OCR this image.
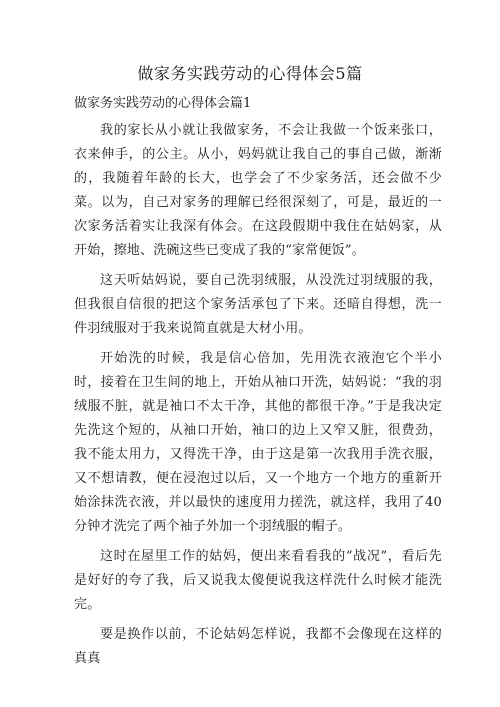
做家务实践劳动的心得体会5篇
做家务实践劳动的心得体会篇1

我的家长从小就让我做家务，不会让我做一个饭来张口，衣来伸手，的公主。从小，妈妈就让我自己的事自己做，渐渐的，我随着年龄的长大，也学会了不少家务活，还会做不少菜。以为，自己对家务的理解已经很深刻了，可是，最近的一次家务活着实让我深有体会。在这段假期中我住在姑妈家，从开始，擦地、洗碗这些已变成了我的“家常便饭”。

这天听姑妈说，要自己洗羽绒服，从没洗过羽绒服的我，但我很自信很的把这个家务活承包了下来。还暗自得想，洗一件羽绒服对于我来说简直就是大材小用。

开始洗的时候，我是信心倍加，先用洗衣液泡它个半小时，接着在卫生间的地上，开始从袖口开洗，姑妈说：“我的羽绒服不脏，就是袖口不太干净，其他的都很干净。”于是我决定先洗这个短的，从袖口开始，袖口的边上又窄又脏，很费劲，我不能太用力，又得洗干净，由于这是第一次我用手洗衣服，又不想请教，便在浸泡过以后，又一个地方一个地方的重新开始涂抹洗衣液，并以最快的速度用力搓洗，就这样，我用了40分钟才洗完了两个袖子外加一个羽绒服的帽子。

这时在屋里工作的姑妈，便出来看看我的“战况”，看后先是好好的夸了我，后又说我太傻便说我这样洗什么时候才能洗完。

要是换作以前，不论姑妈怎样说，我都不会像现在这样的真真
